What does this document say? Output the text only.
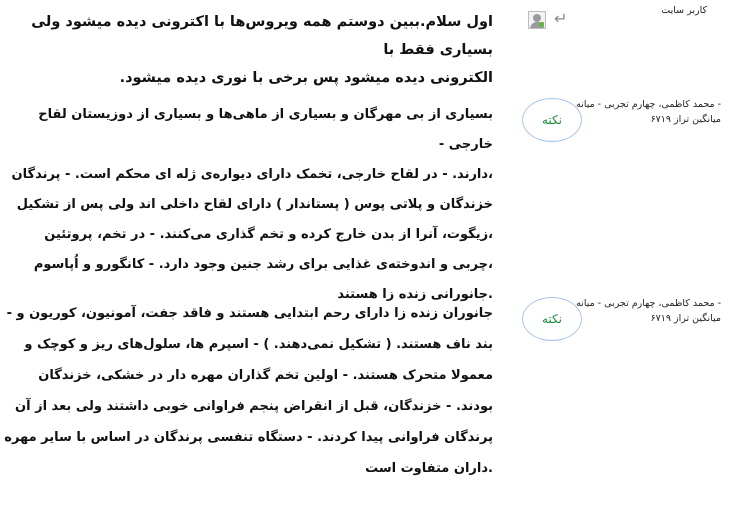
کاربر سایت
↵
اول سلام.ببین دوستم همه ویروس‌ها با اکترونی دیده میشود ولی بسیاری فقط با
الکترونی دیده میشود پس برخی با نوری دیده میشود.
محمد کاظمی، چهارم تجربی - میانه -
میانگین تراز ۶۷۱۹
نکته
بسیاری از بی مهرگان و بسیاری از ماهی‌ها و بسیاری از دوزیستان لقاح خارجی -
،دارند. - در لقاح خارجی، تخمک دارای دیواره‌ی ژله ای محکم است. - پرندگان
خزندگان و پلاتی پوس ( پستاندار ) دارای لقاح داخلی اند ولی پس از تشکیل
،زیگوت، آنرا از بدن خارج کرده و تخم گذاری می‌کنند. - در تخم، پروتئین
،چربی و اندوخته‌ی غذایی برای رشد جنین وجود دارد. - کانگورو و اُپاسوم
.جانورانی زنده زا هستند
محمد کاظمی، چهارم تجربی - میانه -
میانگین تراز ۶۷۱۹
نکته
جانوران زنده زا دارای رحم ابتدایی هستند و فاقد جفت، آمونیون، کوریون و -
بند ناف هستند. ( تشکیل نمی‌دهند. ) - اسپرم ها، سلول‌های ریز و کوچک و
معمولا متحرک هستند. - اولین تخم گذاران مهره دار در خشکی، خزندگان
بودند. - خزندگان، قبل از انقراض پنجم فراوانی خوبی داشتند ولی بعد از آن
پرندگان فراوانی پیدا کردند. - دستگاه تنفسی پرندگان در اساس با سایر مهره
.داران متفاوت است
